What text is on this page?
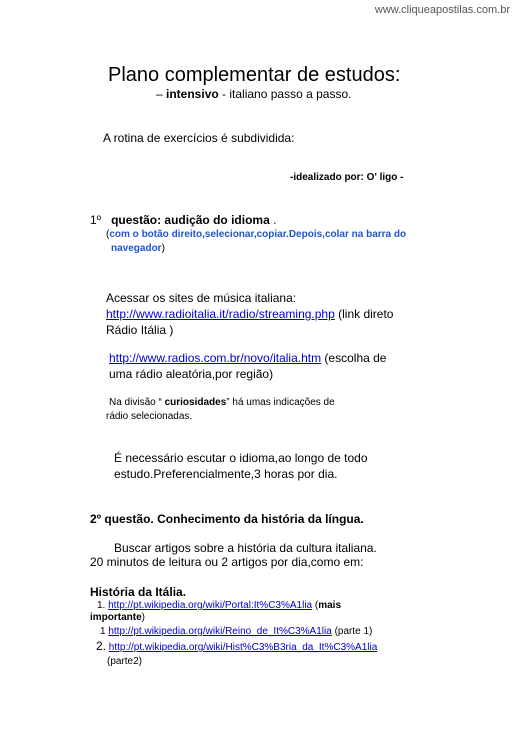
www.cliqueapostilas.com.br
Plano complementar de estudos:
– intensivo - italiano passo a passo.
A rotina de exercícios é subdividida:
-idealizado por: O' ligo -
1º questão: audição do idioma .
(com o botão direito,selecionar,copiar.Depois,colar na barra do
navegador)
Acessar os sites de música italiana:
http://www.radioitalia.it/radio/streaming.php (link direto
Rádio Itália )
http://www.radios.com.br/novo/italia.htm (escolha de
uma rádio aleatória,por região)
Na divisão “ curiosidades” há umas indicações de
rádio selecionadas.
É necessário escutar o idioma,ao longo de todo
estudo.Preferencialmente,3 horas por dia.
2º questão. Conhecimento da história da língua.
Buscar artigos sobre a história da cultura italiana.
20 minutos de leitura ou 2 artigos por dia,como em:
História da Itália.
1. http://pt.wikipedia.org/wiki/Portal:It%C3%A1lia (mais
importante)
1 http://pt.wikipedia.org/wiki/Reino_de_It%C3%A1lia (parte 1)
2. http://pt.wikipedia.org/wiki/Hist%C3%B3ria_da_It%C3%A1lia
(parte2)
